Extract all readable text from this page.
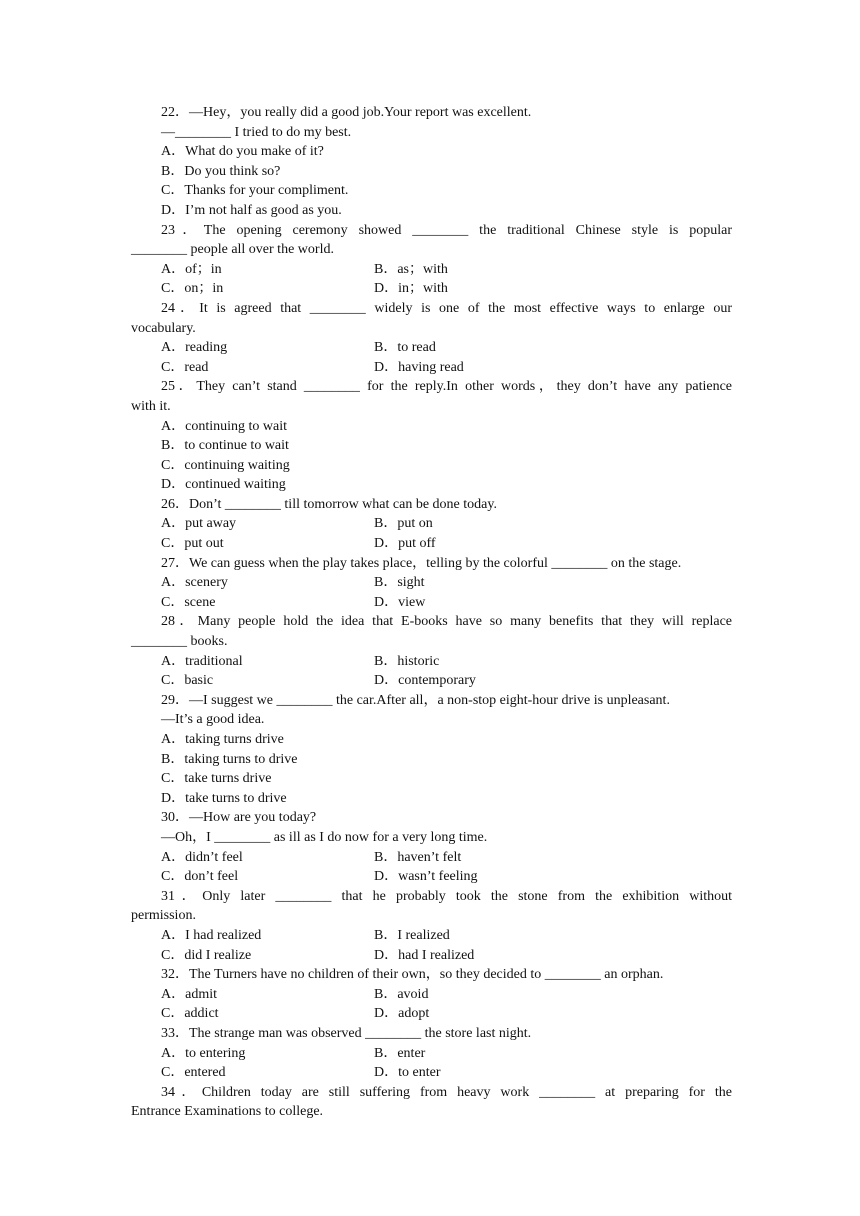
22．—Hey，you really did a good job.Your report was excellent.
—________ I tried to do my best.
A．What do you make of it?
B．Do you think so?
C．Thanks for your compliment.
D．I’m not half as good as you.
23．The opening ceremony showed ________ the traditional Chinese style is popular
________ people all over the world.
A．of；in	B．as；with
C．on；in	D．in；with
24．It is agreed that ________ widely is one of the most effective ways to enlarge our
vocabulary.
A．reading	B．to read
C．read	D．having read
25．They can’t stand ________ for the reply.In other words，they don’t have any patience
with it.
A．continuing to wait
B．to continue to wait
C．continuing waiting
D．continued waiting
26．Don’t ________ till tomorrow what can be done today.
A．put away	B．put on
C．put out	D．put off
27．We can guess when the play takes place，telling by the colorful ________ on the stage.
A．scenery	B．sight
C．scene	D．view
28．Many people hold the idea that E-books have so many benefits that they will replace
________ books.
A．traditional	B．historic
C．basic	D．contemporary
29．—I suggest we ________ the car.After all，a non-stop eight-hour drive is unpleasant.
—It’s a good idea.
A．taking turns drive
B．taking turns to drive
C．take turns drive
D．take turns to drive
30．—How are you today?
—Oh，I ________ as ill as I do now for a very long time.
A．didn’t feel	B．haven’t felt
C．don’t feel	D．wasn’t feeling
31．Only later ________ that he probably took the stone from the exhibition without
permission.
A．I had realized	B．I realized
C．did I realize	D．had I realized
32．The Turners have no children of their own，so they decided to ________ an orphan.
A．admit	B．avoid
C．addict	D．adopt
33．The strange man was observed ________ the store last night.
A．to entering	B．enter
C．entered	D．to enter
34．Children today are still suffering from heavy work ________ at preparing for the
Entrance Examinations to college.
